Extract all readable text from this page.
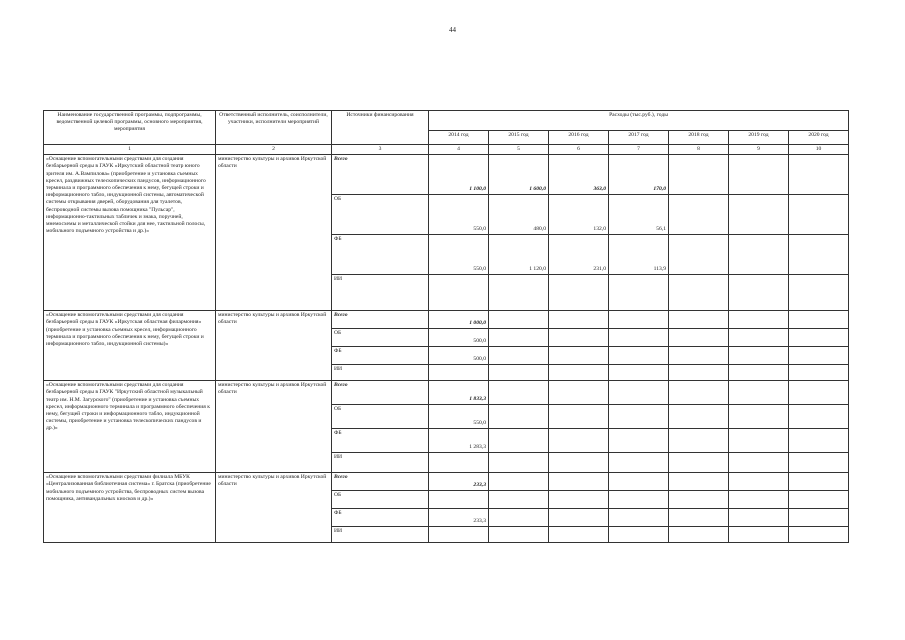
44
Наименование государственной программы, подпрограммы, ведомственной целевой программы, основного мероприятия, мероприятия	Ответственный исполнитель, соисполнители, участники, исполнители мероприятий	Источники финансирования	Расходы (тыс.руб.), годы						
			2014 год	2015 год	2016 год	2017 год	2018 год	2019 год	2020 год
1	2	3	4	5	6	7	8	9	10
«Оснащение вспомогательными средствами для создания безбарьерной среды в ГАУК «Иркутский областной театр юного зрителя им. А.Вампилова» (приобретение и установка съемных кресел, раздвижных телескопических пандусов, информационного терминала и программного обеспечения к нему, бегущей строки и информационного табло, индукционной системы, автоматической системы открывания дверей, оборудования для туалетов, беспроводной системы вызова помощника "Пульсар", информационно-тактильных табличек и знака, поручней, мнемосхемы и металлической стойки для нее, тактильной полосы, мобильного подъемного устройства и др.)»	министерство культуры и архивов Иркутской области	Всего	1 100,0	1 600,0	363,0	170,0			
		ОБ	550,0	480,0	132,0	56,1			
		ФБ	550,0	1 120,0	231,0	113,9			
		ИИ							
«Оснащение вспомогательными средствами для создания безбарьерной среды в ГАУК «Иркутская областная филармония» (приобретение и установка съемных кресел, информационного терминала и программного обеспечения к нему, бегущей строки и информационного табло, индукционной системы)»	министерство культуры и архивов Иркутской области	Всего	1 000,0						
		ОБ	500,0						
		ФБ	500,0						
		ИИ							
«Оснащение вспомогательными средствами для создания безбарьерной среды в ГАУК "Иркутский областной музыкальный театр им. Н.М. Загурского" (приобретение и установка съемных кресел, информационного терминала и программного обеспечения к нему, бегущей строки и информационного табло, индукционной системы, приобретение и установка телескопических пандусов и др.)»	министерство культуры и архивов Иркутской области	Всего	1 833,3						
		ОБ	550,0						
		ФБ	1 283,3						
		ИИ							
«Оснащение вспомогательными средствами филиала МБУК «Централизованная библиотечная система» г. Братска (приобретение мобильного подъемного устройства, беспроводных систем вызова помощника, антивандальных киосков и др.)»	министерство культуры и архивов Иркутской области	Всего	233,3						
		ОБ							
		ФБ	233,3						
		ИИ							
